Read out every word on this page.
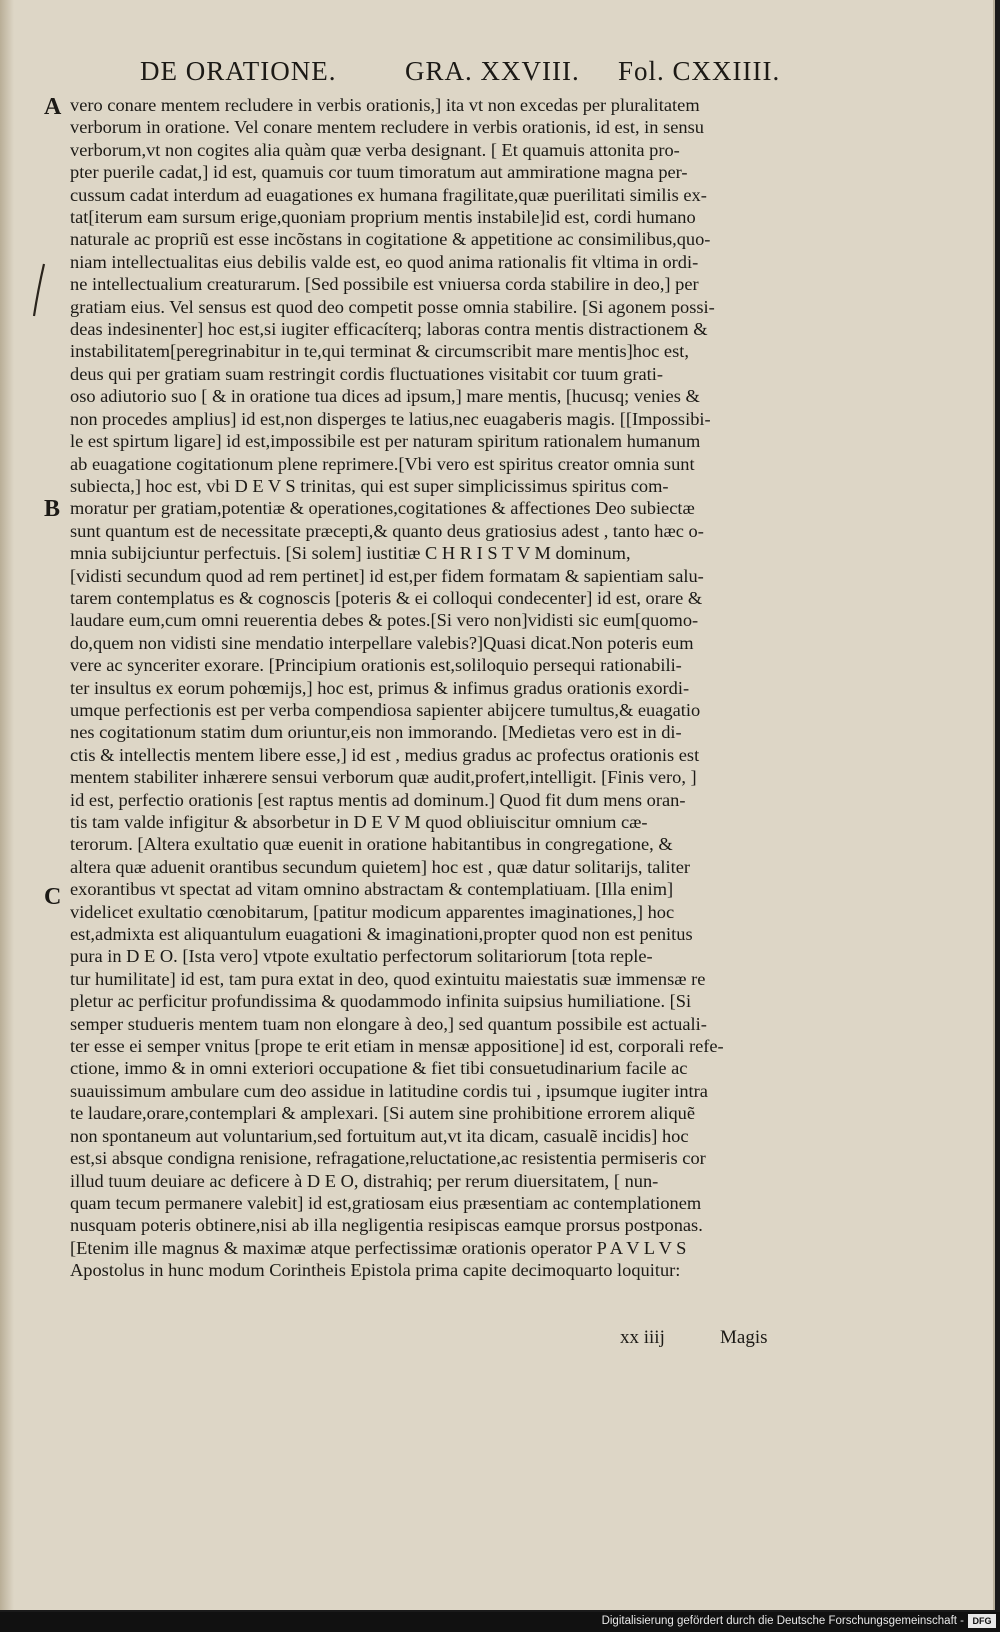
DE ORATIONE.	GRA. XXVIII. Fol. CXXIIII.
A
B
C
vero conare mentem recludere in verbis orationis,] ita vt non excedas per pluralitatem
verborum in oratione. Vel conare mentem recludere in verbis orationis, id est, in sensu
verborum,vt non cogites alia quàm quæ verba designant. [ Et quamuis attonita pro-
pter puerile cadat,] id est, quamuis cor tuum timoratum aut ammiratione magna per-
cussum cadat interdum ad euagationes ex humana fragilitate,quæ puerilitati similis ex-
tat[iterum eam sursum erige,quoniam proprium mentis instabile]id est, cordi humano
naturale ac propriũ est esse incõstans in cogitatione & appetitione ac consimilibus,quo-
niam intellectualitas eius debilis valde est, eo quod anima rationalis fit vltima in ordi-
ne intellectualium creaturarum. [Sed possibile est vniuersa corda stabilire in deo,] per
gratiam eius. Vel sensus est quod deo competit posse omnia stabilire. [Si agonem possi-
deas indesinenter] hoc est,si iugiter efficacíterq; laboras contra mentis distractionem &
instabilitatem[peregrinabitur in te,qui terminat & circumscribit mare mentis]hoc est,
deus qui per gratiam suam restringit cordis fluctuationes visitabit cor tuum grati-
oso adiutorio suo [ & in oratione tua dices ad ipsum,] mare mentis, [hucusq; venies &
non procedes amplius] id est,non disperges te latius,nec euagaberis magis. [[Impossibi-
le est spirtum ligare] id est,impossibile est per naturam spiritum rationalem humanum
ab euagatione cogitationum plene reprimere.[Vbi vero est spiritus creator omnia sunt
subiecta,] hoc est, vbi D E V S trinitas, qui est super simplicissimus spiritus com-
moratur per gratiam,potentiæ & operationes,cogitationes & affectiones Deo subiectæ
sunt quantum est de necessitate præcepti,& quanto deus gratiosius adest , tanto hæc o-
mnia subijciuntur perfectuis. [Si solem] iustitiæ C H R I S T V M dominum,
[vidisti secundum quod ad rem pertinet] id est,per fidem formatam & sapientiam salu-
tarem contemplatus es & cognoscis [poteris & ei colloqui condecenter] id est, orare &
laudare eum,cum omni reuerentia debes & potes.[Si vero non]vidisti sic eum[quomo-
do,quem non vidisti sine mendatio interpellare valebis?]Quasi dicat.Non poteris eum
vere ac synceriter exorare. [Principium orationis est,soliloquio persequi rationabili-
ter insultus ex eorum pohœmijs,] hoc est, primus & infimus gradus orationis exordi-
umque perfectionis est per verba compendiosa sapienter abijcere tumultus,& euagatio
nes cogitationum statim dum oriuntur,eis non immorando. [Medietas vero est in di-
ctis & intellectis mentem libere esse,] id est , medius gradus ac profectus orationis est
mentem stabiliter inhærere sensui verborum quæ audit,profert,intelligit. [Finis vero, ]
id est, perfectio orationis [est raptus mentis ad dominum.] Quod fit dum mens oran-
tis tam valde infigitur & absorbetur in D E V M quod obliuiscitur omnium cæ-
terorum. [Altera exultatio quæ euenit in oratione habitantibus in congregatione, &
altera quæ aduenit orantibus secundum quietem] hoc est , quæ datur solitarijs, taliter
exorantibus vt spectat ad vitam omnino abstractam & contemplatiuam. [Illa enim]
videlicet exultatio cœnobitarum, [patitur modicum apparentes imaginationes,] hoc
est,admixta est aliquantulum euagationi & imaginationi,propter quod non est penitus
pura in D E O. [Ista vero] vtpote exultatio perfectorum solitariorum [tota reple-
tur humilitate] id est, tam pura extat in deo, quod exintuitu maiestatis suæ immensæ re
pletur ac perficitur profundissima & quodammodo infinita suipsius humiliatione. [Si
semper studueris mentem tuam non elongare à deo,] sed quantum possibile est actuali-
ter esse ei semper vnitus [prope te erit etiam in mensæ appositione] id est, corporali refe-
ctione, immo & in omni exteriori occupatione & fiet tibi consuetudinarium facile ac
suauissimum ambulare cum deo assidue in latitudine cordis tui , ipsumque iugiter intra
te laudare,orare,contemplari & amplexari. [Si autem sine prohibitione errorem aliquẽ
non spontaneum aut voluntarium,sed fortuitum aut,vt ita dicam, casualẽ incidis] hoc
est,si absque condigna renisione, refragatione,reluctatione,ac resistentia permiseris cor
illud tuum deuiare ac deficere à D E O, distrahiq; per rerum diuersitatem, [ nun-
quam tecum permanere valebit] id est,gratiosam eius præsentiam ac contemplationem
nusquam poteris obtinere,nisi ab illa negligentia resipiscas eamque prorsus postponas.
[Etenim ille magnus & maximæ atque perfectissimæ orationis operator P A V L V S
Apostolus in hunc modum Corintheis Epistola prima capite decimoquarto loquitur:
xx iiij	Magis
Digitalisierung gefördert durch die Deutsche Forschungsgemeinschaft - DFG
